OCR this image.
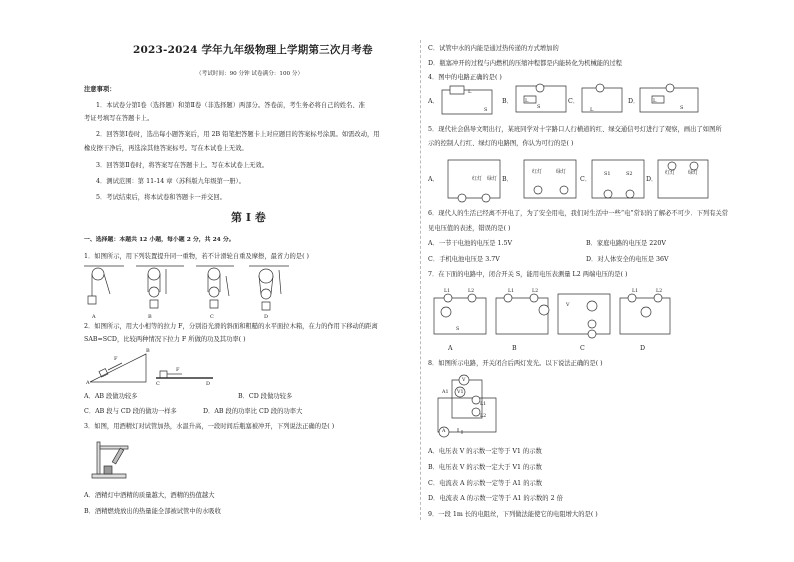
2023-2024 学年九年级物理上学期第三次月考卷
（考试时间：90 分钟 试卷满分：100 分）
注意事项：
1．本试卷分第Ⅰ卷（选择题）和第Ⅱ卷（非选择题）两部分。答卷前，考生务必将自己的姓名、准
考证号填写在答题卡上。
2．回答第Ⅰ卷时，选出每小题答案后，用 2B 铅笔把答题卡上对应题目的答案标号涂黑。如需改动，用
橡皮擦干净后，再选涂其他答案标号。写在本试卷上无效。
3．回答第Ⅱ卷时，将答案写在答题卡上。写在本试卷上无效。
4．测试范围：第 11-14 章（苏科版九年级第一册）。
5．考试结束后，将本试卷和答题卡一并交回。
第 I 卷
一、选择题：本题共 12 小题，每小题 2 分，共 24 分。
1．如图所示，用下列装置提升同一重物，若不计滑轮自重及摩擦，最省力的是( )
A	B	C	D
2．如图所示，用大小相等的拉力 F，分别沿光滑的斜面和粗糙的水平面拉木箱，在力的作用下移动的距离
SAB=SCD，比较两种情况下拉力 F 所做的功及其功率( )
B
A
F
F
C	D
A．AB 段做功较多	B．CD 段做功较多
C．AB 段与 CD 段的做功一样多	D．AB 段的功率比 CD 段的功率大
3．如图，用酒精灯对试管加热，水温升高，一段时间后瓶塞被冲开，下列说法正确的是( )
A．酒精灯中酒精的质量越大，酒精的热值越大
B．酒精燃烧放出的热量能全部被试管中的水吸收
C．试管中水的内能是通过热传递的方式增加的
D．瓶塞冲开的过程与内燃机的压缩冲程都是内能转化为机械能的过程
4．图中的电路正确的是( )
A．	B．	C．	D．
L
S
L
S	L
L
S
5．现代社会倡导文明出行，某班同学对十字路口人行横道的红、绿交通信号灯进行了观察，画出了如图所
示的控制人行红、绿灯的电路图，你认为可行的是( )
A．	B．	C．	D．
红灯 绿灯
红灯	绿灯	S1	S2	红灯	绿灯
6．现代人的生活已经离不开电了，为了安全用电，我们对生活中一些“电”常识的了解必不可少．下列有关常
见电压值的表述，错误的是( )
A．一节干电池的电压是 1.5V	B．家庭电路的电压是 220V
C．手机电池电压是 3.7V	D．对人体安全的电压是 36V
7．在下面的电路中，闭合开关 S，能用电压表测量 L2 两端电压的是( )
L1	L2
S
L1	L2
V
L1	L2
A	B	C	D
8．如图所示电路，开关闭合后两灯发光。以下说法正确的是( )
V
V1
A1
L1
L2
A
A．电压表 V 的示数一定等于 V1 的示数
B．电压表 V 的示数一定大于 V1 的示数
C．电流表 A 的示数一定等于 A1 的示数
D．电流表 A 的示数一定等于 A1 的示数的 2 倍
9．一段 1m 长的电阻丝，下列做法能使它的电阻增大的是( )
